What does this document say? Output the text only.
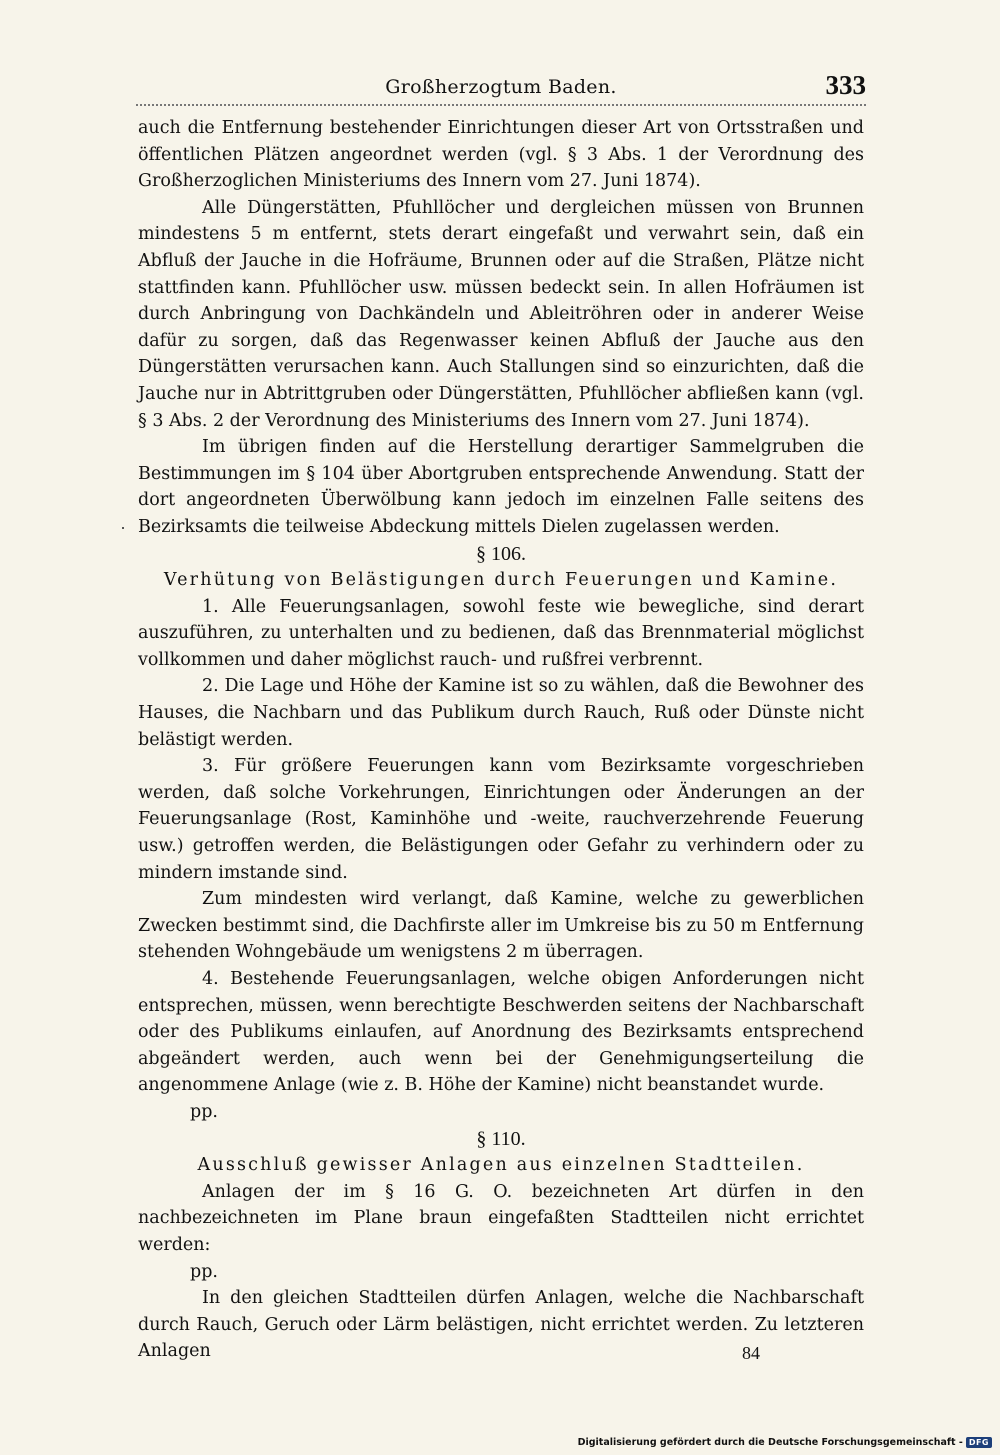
Großherzogtum Baden.	333

auch die Entfernung bestehender Einrichtungen dieser Art von Ortsstraßen und öffentlichen Plätzen angeordnet werden (vgl. § 3 Abs. 1 der Verordnung des Großherzoglichen Ministeriums des Innern vom 27. Juni 1874).

Alle Düngerstätten, Pfuhllöcher und dergleichen müssen von Brunnen mindestens 5 m entfernt, stets derart eingefaßt und verwahrt sein, daß ein Abfluß der Jauche in die Hofräume, Brunnen oder auf die Straßen, Plätze nicht stattfinden kann. Pfuhllöcher usw. müssen bedeckt sein. In allen Hofräumen ist durch Anbringung von Dachkändeln und Ableitröhren oder in anderer Weise dafür zu sorgen, daß das Regenwasser keinen Abfluß der Jauche aus den Düngerstätten verursachen kann. Auch Stallungen sind so einzurichten, daß die Jauche nur in Abtrittgruben oder Düngerstätten, Pfuhllöcher abfließen kann (vgl. § 3 Abs. 2 der Verordnung des Ministeriums des Innern vom 27. Juni 1874).

Im übrigen finden auf die Herstellung derartiger Sammelgruben die Bestimmungen im § 104 über Abortgruben entsprechende Anwendung. Statt der dort angeordneten Überwölbung kann jedoch im einzelnen Falle seitens des Bezirksamts die teilweise Abdeckung mittels Dielen zugelassen werden.

§ 106.

Verhütung von Belästigungen durch Feuerungen und Kamine.

1. Alle Feuerungsanlagen, sowohl feste wie bewegliche, sind derart auszuführen, zu unterhalten und zu bedienen, daß das Brennmaterial möglichst vollkommen und daher möglichst rauch- und rußfrei verbrennt.

2. Die Lage und Höhe der Kamine ist so zu wählen, daß die Bewohner des Hauses, die Nachbarn und das Publikum durch Rauch, Ruß oder Dünste nicht belästigt werden.

3. Für größere Feuerungen kann vom Bezirksamte vorgeschrieben werden, daß solche Vorkehrungen, Einrichtungen oder Änderungen an der Feuerungsanlage (Rost, Kaminhöhe und -weite, rauchverzehrende Feuerung usw.) getroffen werden, die Belästigungen oder Gefahr zu verhindern oder zu mindern imstande sind.

Zum mindesten wird verlangt, daß Kamine, welche zu gewerblichen Zwecken bestimmt sind, die Dachfirste aller im Umkreise bis zu 50 m Entfernung stehenden Wohngebäude um wenigstens 2 m überragen.

4. Bestehende Feuerungsanlagen, welche obigen Anforderungen nicht entsprechen, müssen, wenn berechtigte Beschwerden seitens der Nachbarschaft oder des Publikums einlaufen, auf Anordnung des Bezirksamts entsprechend abgeändert werden, auch wenn bei der Genehmigungserteilung die angenommene Anlage (wie z. B. Höhe der Kamine) nicht beanstandet wurde.

pp.

§ 110.

Ausschluß gewisser Anlagen aus einzelnen Stadtteilen.

Anlagen der im § 16 G. O. bezeichneten Art dürfen in den nachbezeichneten im Plane braun eingefaßten Stadtteilen nicht errichtet werden:

pp.

In den gleichen Stadtteilen dürfen Anlagen, welche die Nachbarschaft durch Rauch, Geruch oder Lärm belästigen, nicht errichtet werden. Zu letzteren Anlagen	84
Digitalisierung gefördert durch die Deutsche Forschungsgemeinschaft - DFG
